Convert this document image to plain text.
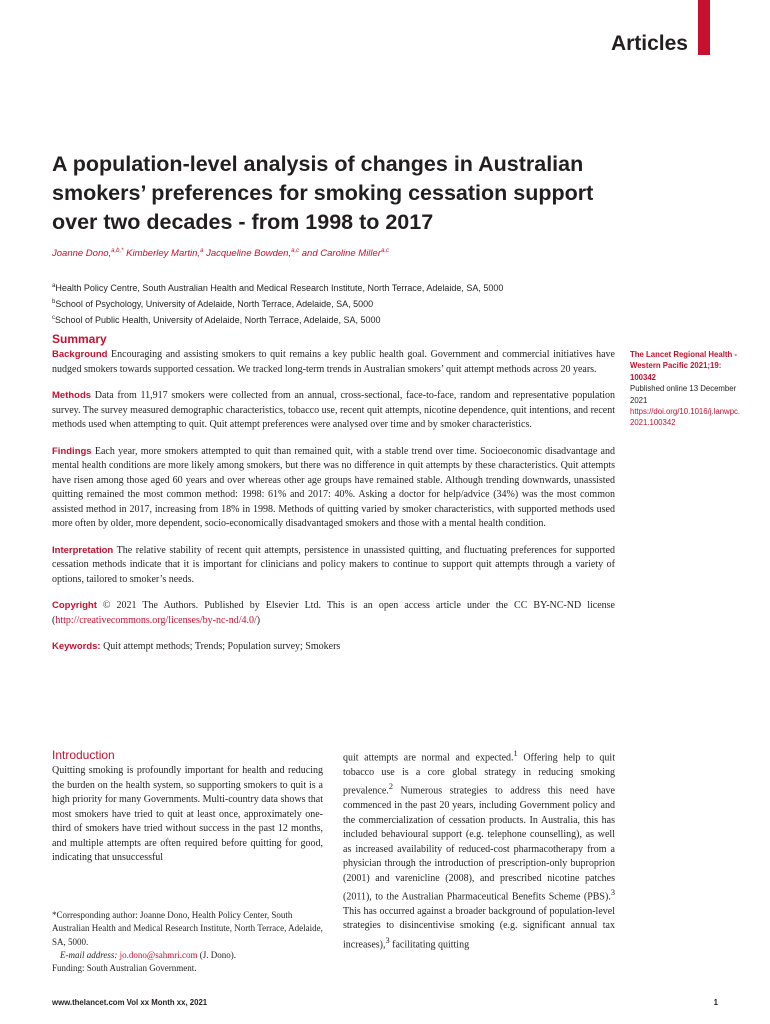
Articles
A population-level analysis of changes in Australian smokers’ preferences for smoking cessation support over two decades - from 1998 to 2017
Joanne Dono,$^{a,b,*}$ Kimberley Martin,$^a$ Jacqueline Bowden,$^{a,c}$ and Caroline Miller$^{a,c}$
$^a$Health Policy Centre, South Australian Health and Medical Research Institute, North Terrace, Adelaide, SA, 5000
$^b$School of Psychology, University of Adelaide, North Terrace, Adelaide, SA, 5000
$^c$School of Public Health, University of Adelaide, North Terrace, Adelaide, SA, 5000
Summary

Background Encouraging and assisting smokers to quit remains a key public health goal. Government and commercial initiatives have nudged smokers towards supported cessation. We tracked long-term trends in Australian smokers’ quit attempt methods across 20 years.

Methods Data from 11,917 smokers were collected from an annual, cross-sectional, face-to-face, random and representative population survey. The survey measured demographic characteristics, tobacco use, recent quit attempts, nicotine dependence, quit intentions, and recent methods used when attempting to quit. Quit attempt preferences were analysed over time and by smoker characteristics.

Findings Each year, more smokers attempted to quit than remained quit, with a stable trend over time. Socioeconomic disadvantage and mental health conditions are more likely among smokers, but there was no difference in quit attempts by these characteristics. Quit attempts have risen among those aged 60 years and over whereas other age groups have remained stable. Although trending downwards, unassisted quitting remained the most common method: 1998: 61% and 2017: 40%. Asking a doctor for help/advice (34%) was the most common assisted method in 2017, increasing from 18% in 1998. Methods of quitting varied by smoker characteristics, with supported methods used more often by older, more dependent, socio-economically disadvantaged smokers and those with a mental health condition.

Interpretation The relative stability of recent quit attempts, persistence in unassisted quitting, and fluctuating preferences for supported cessation methods indicate that it is important for clinicians and policy makers to continue to support quit attempts through a variety of options, tailored to smoker’s needs.

Copyright © 2021 The Authors. Published by Elsevier Ltd. This is an open access article under the CC BY-NC-ND license (http://creativecommons.org/licenses/by-nc-nd/4.0/)

Keywords: Quit attempt methods; Trends; Population survey; Smokers

The Lancet Regional Health - Western Pacific 2021;19: 100342
Published online 13 December 2021
https://doi.org/10.1016/j.lanwpc.2021.100342
Introduction

Quitting smoking is profoundly important for health and reducing the burden on the health system, so supporting smokers to quit is a high priority for many Governments. Multi-country data shows that most smokers have tried to quit at least once, approximately one-third of smokers have tried without success in the past 12 months, and multiple attempts are often required before quitting for good, indicating that unsuccessful

quit attempts are normal and expected.$^1$ Offering help to quit tobacco use is a core global strategy in reducing smoking prevalence.$^2$ Numerous strategies to address this need have commenced in the past 20 years, including Government policy and the commercialization of cessation products. In Australia, this has included behavioural support (e.g. telephone counselling), as well as increased availability of reduced-cost pharmacotherapy from a physician through the introduction of prescription-only buproprion (2001) and varenicline (2008), and prescribed nicotine patches (2011), to the Australian Pharmaceutical Benefits Scheme (PBS).$^3$ This has occurred against a broader background of population-level strategies to disincentivise smoking (e.g. significant annual tax increases),$^3$ facilitating quitting

*Corresponding author: Joanne Dono, Health Policy Center, South Australian Health and Medical Research Institute, North Terrace, Adelaide, SA, 5000.

E-mail address: jo.dono@sahmri.com (J. Dono).

Funding: South Australian Government.

www.thelancet.com Vol xx Month xx, 2021	1
